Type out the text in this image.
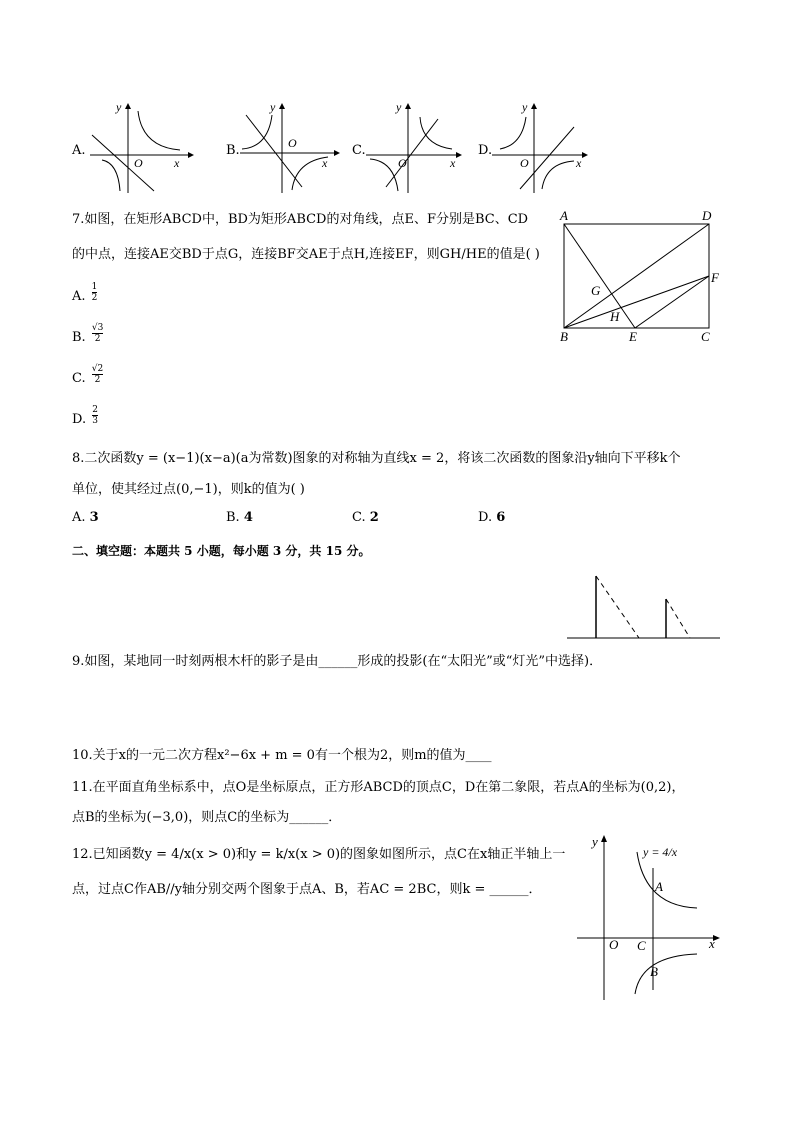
A.
y
O	x
B.
y
O
x
C.
y
O	x
D.
y
O	x
7.如图，在矩形ABCD中，BD为矩形ABCD的对角线，点E、F分别是BC、CD
的中点，连接AE交BD于点G，连接BF交AE于点H,连接EF，则GH/HE的值是( )
A. $\frac{1}{2}$
B. $\frac{√3}{2}$
C. $\frac{√2}{2}$
D. $\frac{2}{3}$
A	D
F
G
H
B	E	C
8.二次函数y = (x−1)(x−a)(a为常数)图象的对称轴为直线x = 2，将该二次函数的图象沿y轴向下平移k个
单位，使其经过点(0,−1)，则k的值为( )
A. 3	B. 4	C. 2	D. 6
二、填空题：本题共 5 小题，每小题 3 分，共 15 分。
9.如图，某地同一时刻两根木杆的影子是由______形成的投影(在“太阳光”或“灯光”中选择)．
10.关于x的一元二次方程x²−6x + m = 0有一个根为2，则m的值为____
11.在平面直角坐标系中，点O是坐标原点，正方形ABCD的顶点C，D在第二象限，若点A的坐标为(0,2)，
点B的坐标为(−3,0)，则点C的坐标为______．
12.已知函数y = 4/x(x > 0)和y = k/x(x > 0)的图象如图所示，点C在x轴正半轴上一
点，过点C作AB//y轴分别交两个图象于点A、B，若AC = 2BC，则k = ______．
y
y = 4/x
A
O C	x
B
